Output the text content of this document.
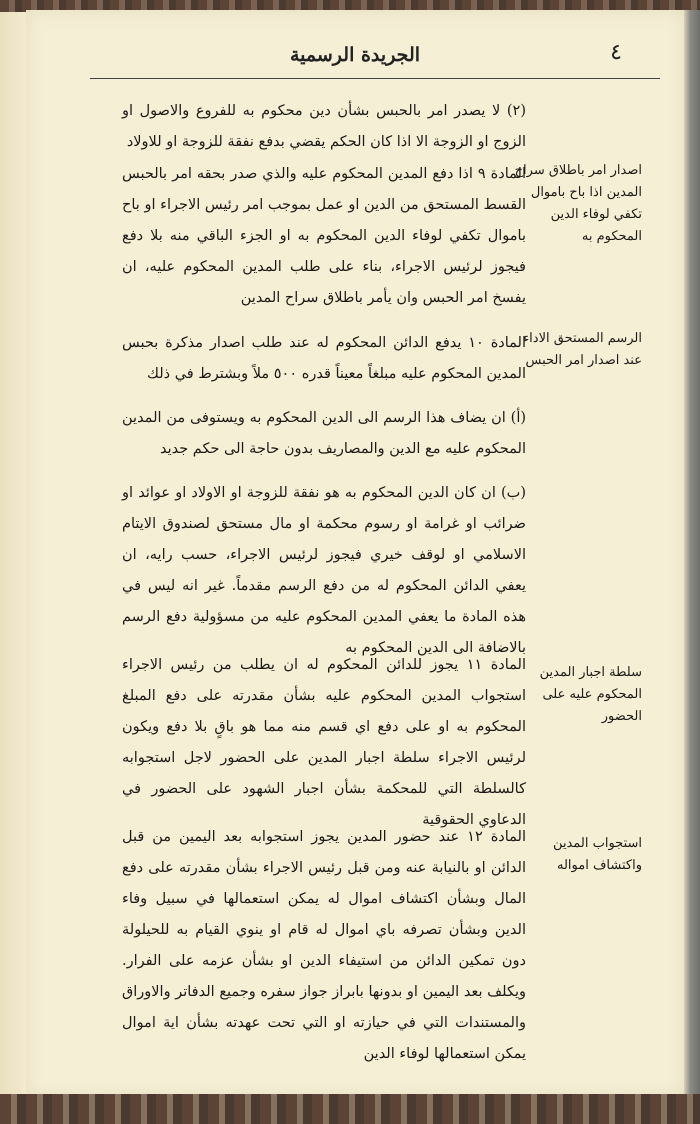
الجريدة الرسمية	٤
(٢) لا يصدر امر بالحبس بشأن دين محكوم به للفروع والاصول او الزوج او الزوجة الا اذا كان الحكم يقضي بدفع نفقة للزوجة او للاولاد
المادة ٩ اذا دفع المدين المحكوم عليه والذي صدر بحقه امر بالحبس القسط المستحق من الدين او عمل بموجب امر رئيس الاجراء او باح باموال تكفي لوفاء الدين المحكوم به او الجزء الباقي منه بلا دفع فيجوز لرئيس الاجراء، بناء على طلب المدين المحكوم عليه، ان يفسخ امر الحبس وان يأمر باطلاق سراح المدين
المادة ١٠ يدفع الدائن المحكوم له عند طلب اصدار مذكرة بحبس المدين المحكوم عليه مبلغاً معيناً قدره ٥٠٠ ملاً وبشترط في ذلك
(أ) ان يضاف هذا الرسم الى الدين المحكوم به ويستوفى من المدين المحكوم عليه مع الدين والمصاريف بدون حاجة الى حكم جديد
(ب) ان كان الدين المحكوم به هو نفقة للزوجة او الاولاد او عوائد او ضرائب او غرامة او رسوم محكمة او مال مستحق لصندوق الايتام الاسلامي او لوقف خيري فيجوز لرئيس الاجراء، حسب رايه، ان يعفي الدائن المحكوم له من دفع الرسم مقدماً. غير انه ليس في هذه المادة ما يعفي المدين المحكوم عليه من مسؤولية دفع الرسم بالاضافة الى الدين المحكوم به
المادة ١١ يجوز للدائن المحكوم له ان يطلب من رئيس الاجراء استجواب المدين المحكوم عليه بشأن مقدرته على دفع المبلغ المحكوم به او على دفع اي قسم منه مما هو باقٍ بلا دفع ويكون لرئيس الاجراء سلطة اجبار المدين على الحضور لاجل استجوابه كالسلطة التي للمحكمة بشأن اجبار الشهود على الحضور في الدعاوي الحقوقية
المادة ١٢ عند حضور المدين يجوز استجوابه بعد اليمين من قبل الدائن او بالنيابة عنه ومن قبل رئيس الاجراء بشأن مقدرته على دفع المال وبشأن اكتشاف اموال له يمكن استعمالها في سبيل وفاء الدين وبشأن تصرفه باي اموال له قام او ينوي القيام به للحيلولة دون تمكين الدائن من استيفاء الدين او بشأن عزمه على الفرار. ويكلف بعد اليمين او بدونها بابراز جواز سفره وجميع الدفاتر والاوراق والمستندات التي في حيازته او التي تحت عهدته بشأن اية اموال يمكن استعمالها لوفاء الدين
اصدار امر باطلاق سراح المدين اذا باح باموال تكفي لوفاء الدين المحكوم به
الرسم المستحق الاداء عند اصدار امر الحبس
سلطة اجبار المدين المحكوم عليه على الحضور
استجواب المدين واكتشاف امواله
